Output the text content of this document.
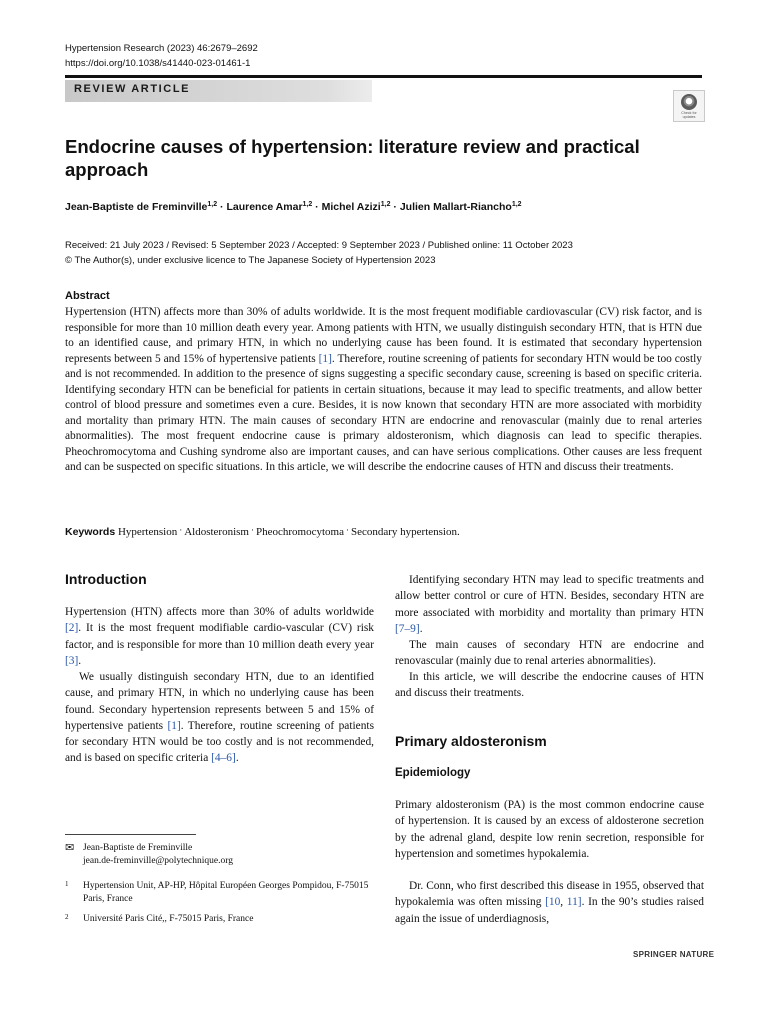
Hypertension Research (2023) 46:2679–2692
https://doi.org/10.1038/s41440-023-01461-1
REVIEW ARTICLE
Check for
updates
Endocrine causes of hypertension: literature review and practical approach
Jean-Baptiste de Freminville$^{1,2}$ · Laurence Amar$^{1,2}$ · Michel Azizi$^{1,2}$ · Julien Mallart-Riancho$^{1,2}$
Received: 21 July 2023 / Revised: 5 September 2023 / Accepted: 9 September 2023 / Published online: 11 October 2023
© The Author(s), under exclusive licence to The Japanese Society of Hypertension 2023
Abstract

Hypertension (HTN) affects more than 30% of adults worldwide. It is the most frequent modifiable cardiovascular (CV) risk factor, and is responsible for more than 10 million death every year. Among patients with HTN, we usually distinguish secondary HTN, that is HTN due to an identified cause, and primary HTN, in which no underlying cause has been found. It is estimated that secondary hypertension represents between 5 and 15% of hypertensive patients [1]. Therefore, routine screening of patients for secondary HTN would be too costly and is not recommended. In addition to the presence of signs suggesting a specific secondary cause, screening is based on specific criteria. Identifying secondary HTN can be beneficial for patients in certain situations, because it may lead to specific treatments, and allow better control of blood pressure and sometimes even a cure. Besides, it is now known that secondary HTN are more associated with morbidity and mortality than primary HTN. The main causes of secondary HTN are endocrine and renovascular (mainly due to renal arteries abnormalities). The most frequent endocrine cause is primary aldosteronism, which diagnosis can lead to specific therapies. Pheochromocytoma and Cushing syndrome also are important causes, and can have serious complications. Other causes are less frequent and can be suspected on specific situations. In this article, we will describe the endocrine causes of HTN and discuss their treatments.

Keywords Hypertension · Aldosteronism · Pheochromocytoma · Secondary hypertension.
Introduction

Hypertension (HTN) affects more than 30% of adults worldwide [2]. It is the most frequent modifiable cardio-vascular (CV) risk factor, and is responsible for more than 10 million death every year [3].

We usually distinguish secondary HTN, due to an identified cause, and primary HTN, in which no underlying cause has been found. Secondary hypertension represents between 5 and 15% of hypertensive patients [1]. Therefore, routine screening of patients for secondary HTN would be too costly and is not recommended, and is based on specific criteria [4–6].

✉ Jean-Baptiste de Freminville
jean.de-freminville@polytechnique.org
1 Hypertension Unit, AP-HP, Hôpital Européen Georges Pompidou, F-75015 Paris, France
2 Université Paris Cité,, F-75015 Paris, France

Identifying secondary HTN may lead to specific treatments and allow better control or cure of HTN. Besides, secondary HTN are more associated with morbidity and mortality than primary HTN [7–9].

The main causes of secondary HTN are endocrine and renovascular (mainly due to renal arteries abnormalities).

In this article, we will describe the endocrine causes of HTN and discuss their treatments.

Primary aldosteronism
Epidemiology

Primary aldosteronism (PA) is the most common endocrine cause of hypertension. It is caused by an excess of aldosterone secretion by the adrenal gland, despite low renin secretion, responsible for hypertension and sometimes hypokalemia.

Dr. Conn, who first described this disease in 1955, observed that hypokalemia was often missing [10, 11]. In the 90’s studies raised again the issue of underdiagnosis,

SPRINGER NATURE
